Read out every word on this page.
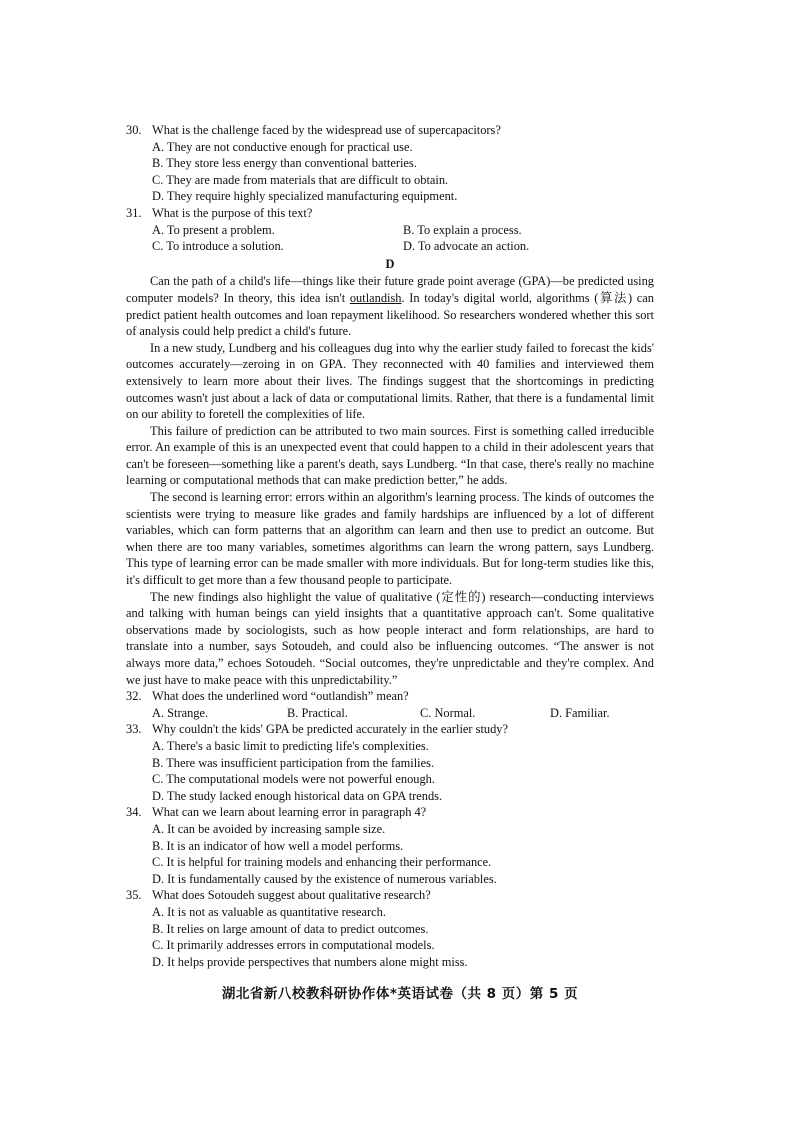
30. What is the challenge faced by the widespread use of supercapacitors?
A. They are not conductive enough for practical use.
B. They store less energy than conventional batteries.
C. They are made from materials that are difficult to obtain.
D. They require highly specialized manufacturing equipment.
31. What is the purpose of this text?
A. To present a problem.	B. To explain a process.
C. To introduce a solution.	D. To advocate an action.
D

Can the path of a child's life—things like their future grade point average (GPA)—be predicted using computer models? In theory, this idea isn't outlandish. In today's digital world, algorithms (算法) can predict patient health outcomes and loan repayment likelihood. So researchers wondered whether this sort of analysis could help predict a child's future.

In a new study, Lundberg and his colleagues dug into why the earlier study failed to forecast the kids' outcomes accurately—zeroing in on GPA. They reconnected with 40 families and interviewed them extensively to learn more about their lives. The findings suggest that the shortcomings in predicting outcomes wasn't just about a lack of data or computational limits. Rather, that there is a fundamental limit on our ability to foretell the complexities of life.

This failure of prediction can be attributed to two main sources. First is something called irreducible error. An example of this is an unexpected event that could happen to a child in their adolescent years that can't be foreseen—something like a parent's death, says Lundberg. “In that case, there's really no machine learning or computational methods that can make prediction better,” he adds.

The second is learning error: errors within an algorithm's learning process. The kinds of outcomes the scientists were trying to measure like grades and family hardships are influenced by a lot of different variables, which can form patterns that an algorithm can learn and then use to predict an outcome. But when there are too many variables, sometimes algorithms can learn the wrong pattern, says Lundberg. This type of learning error can be made smaller with more individuals. But for long-term studies like this, it's difficult to get more than a few thousand people to participate.

The new findings also highlight the value of qualitative (定性的) research—conducting interviews and talking with human beings can yield insights that a quantitative approach can't. Some qualitative observations made by sociologists, such as how people interact and form relationships, are hard to translate into a number, says Sotoudeh, and could also be influencing outcomes. “The answer is not always more data,” echoes Sotoudeh. “Social outcomes, they're unpredictable and they're complex. And we just have to make peace with this unpredictability.”

32. What does the underlined word “outlandish” mean?
A. Strange.	B. Practical.	C. Normal.	D. Familiar.
33. Why couldn't the kids' GPA be predicted accurately in the earlier study?
A. There's a basic limit to predicting life's complexities.
B. There was insufficient participation from the families.
C. The computational models were not powerful enough.
D. The study lacked enough historical data on GPA trends.
34. What can we learn about learning error in paragraph 4?
A. It can be avoided by increasing sample size.
B. It is an indicator of how well a model performs.
C. It is helpful for training models and enhancing their performance.
D. It is fundamentally caused by the existence of numerous variables.
35. What does Sotoudeh suggest about qualitative research?
A. It is not as valuable as quantitative research.
B. It relies on large amount of data to predict outcomes.
C. It primarily addresses errors in computational models.
D. It helps provide perspectives that numbers alone might miss.
湖北省新八校教科研协作体*英语试卷（共 8 页）第 5 页
